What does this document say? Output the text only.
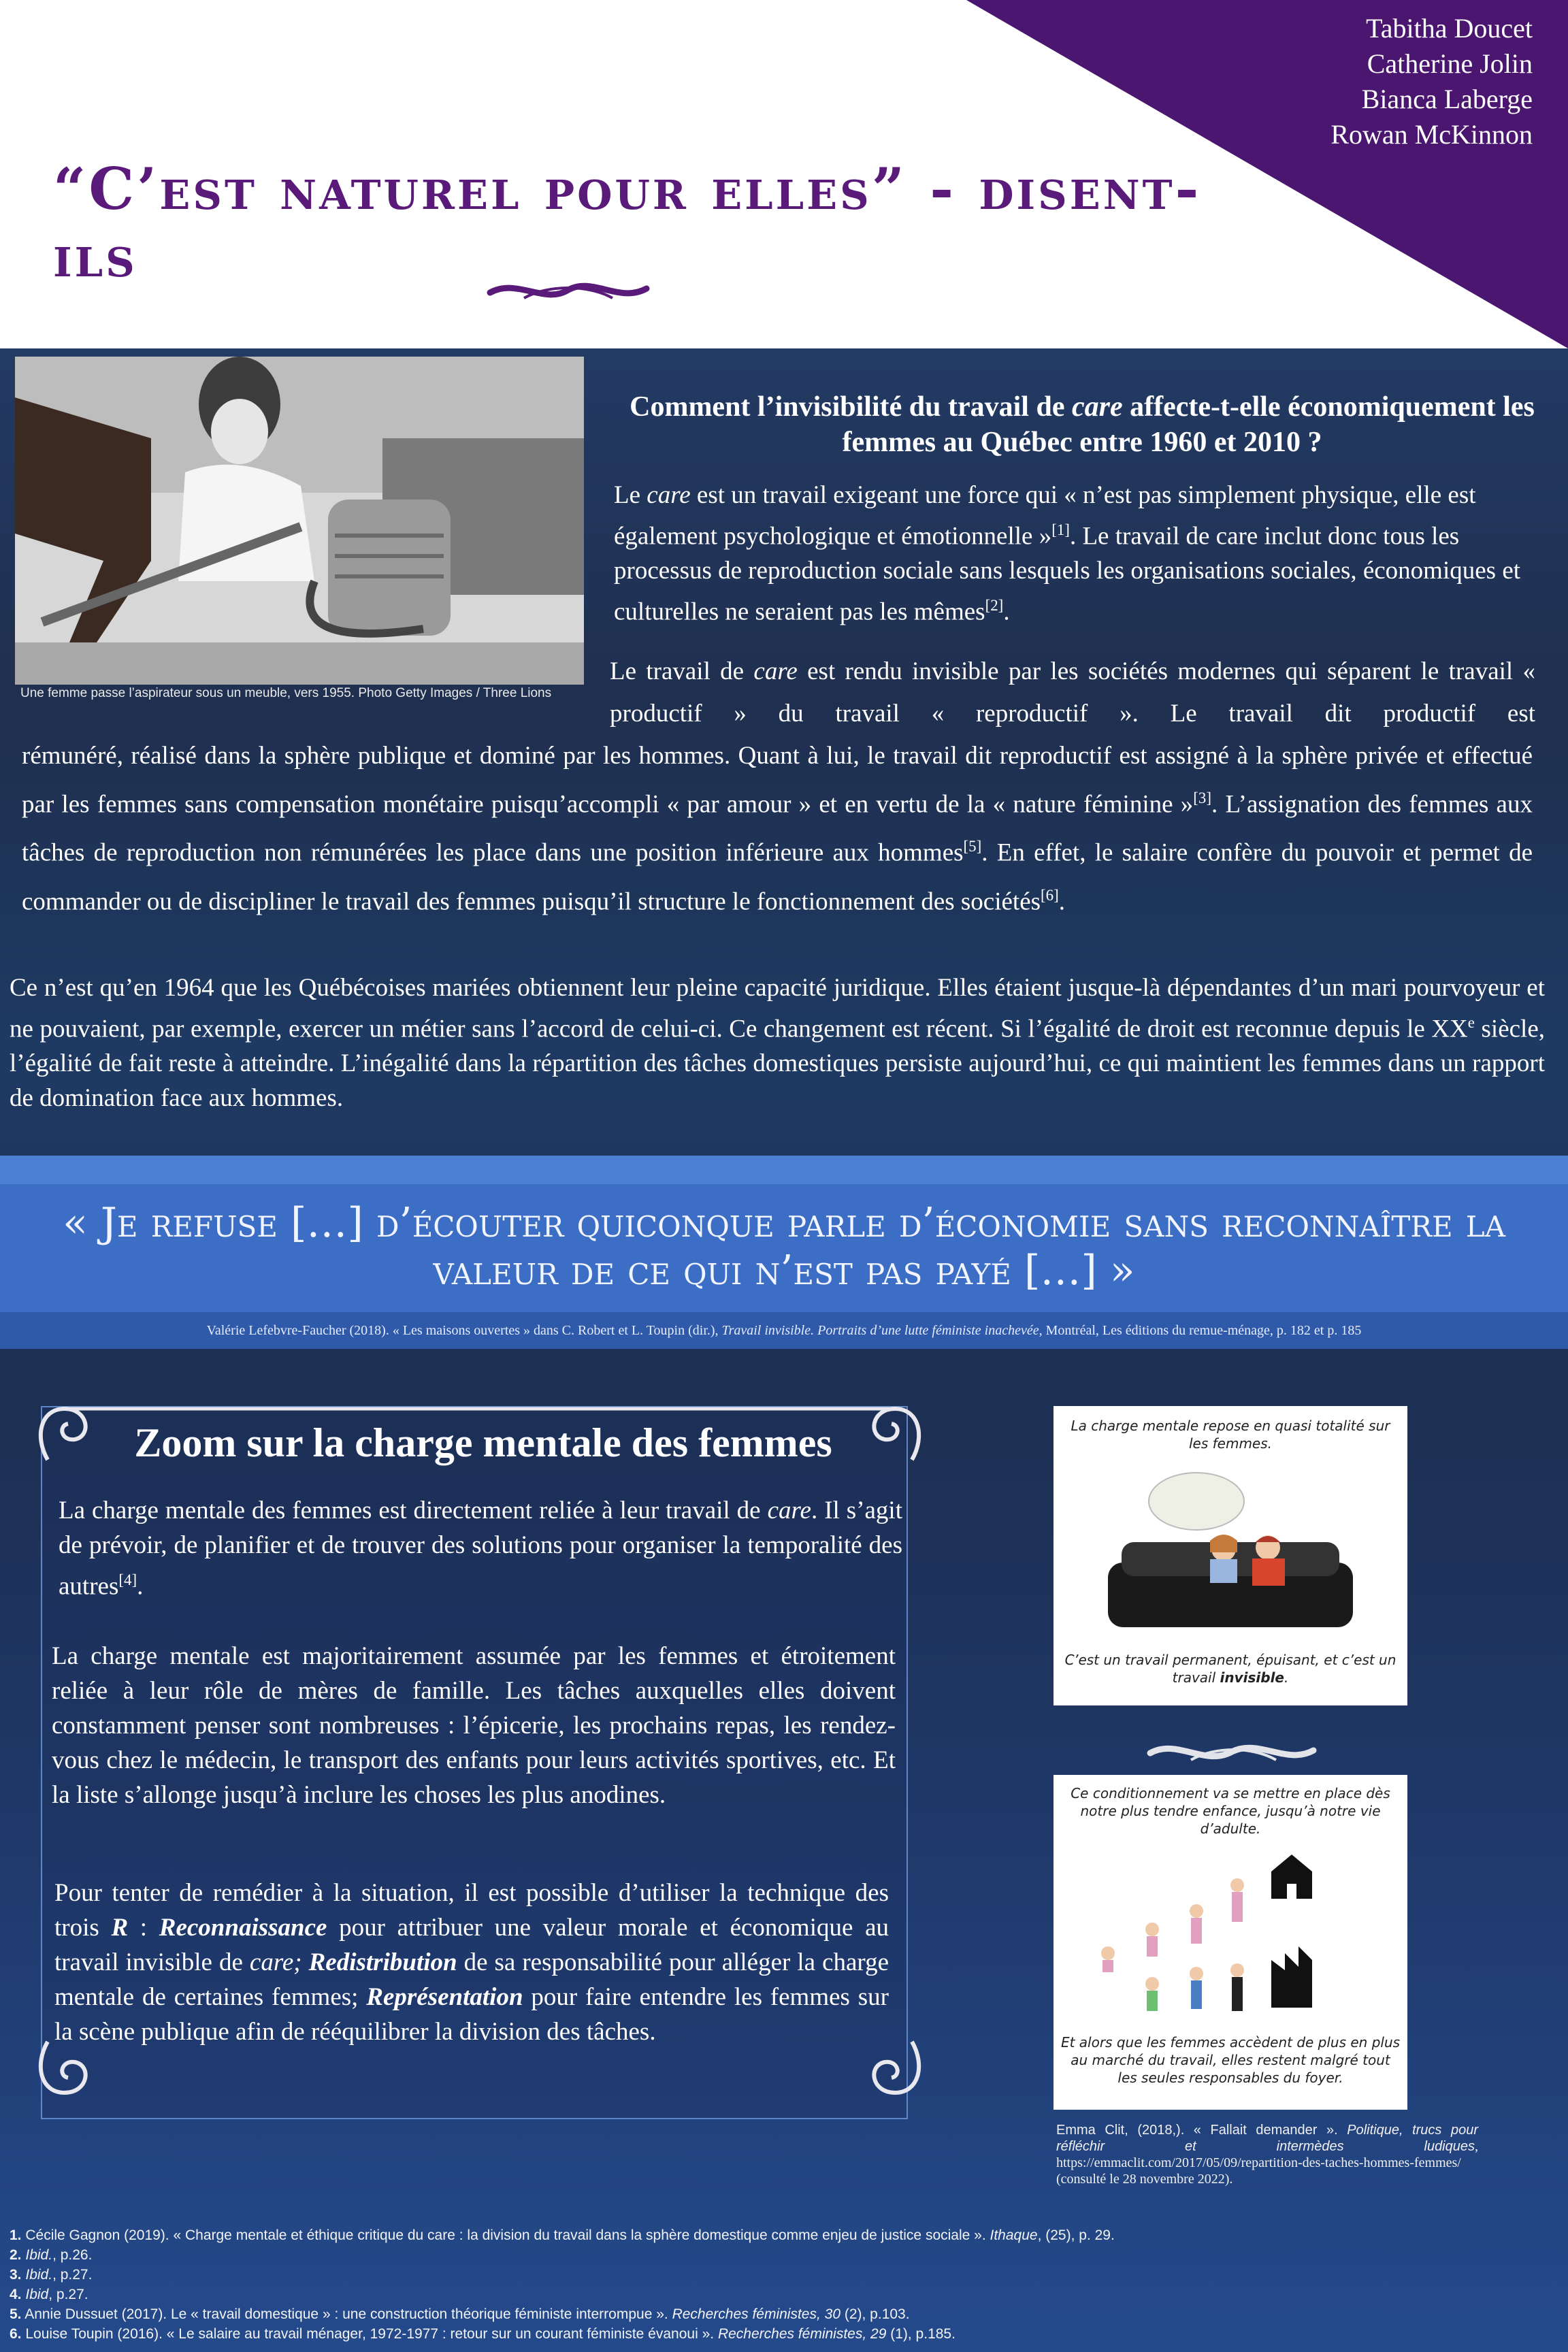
“C’est naturel pour elles” - disent-ils
Tabitha Doucet
Catherine Jolin
Bianca Laberge
Rowan McKinnon
Une femme passe l’aspirateur sous un meuble, vers 1955. Photo Getty Images / Three Lions
Comment l’invisibilité du travail de care affecte-t-elle économiquement les femmes au Québec entre 1960 et 2010 ?
Le care est un travail exigeant une force qui « n’est pas simplement physique, elle est également psychologique et émotionnelle »[1]. Le travail de care inclut donc tous les processus de reproduction sociale sans lesquels les organisations sociales, économiques et culturelles ne seraient pas les mêmes[2].
Le travail de care est rendu invisible par les sociétés modernes qui séparent le travail « productif » du travail « reproductif ». Le travail dit productif est
rémunéré, réalisé dans la sphère publique et dominé par les hommes. Quant à lui, le travail dit reproductif est assigné à la sphère privée et effectué par les femmes sans compensation monétaire puisqu’accompli « par amour » et en vertu de la « nature féminine »[3]. L’assignation des femmes aux tâches de reproduction non rémunérées les place dans une position inférieure aux hommes[5]. En effet, le salaire confère du pouvoir et permet de commander ou de discipliner le travail des femmes puisqu’il structure le fonctionnement des sociétés[6].
Ce n’est qu’en 1964 que les Québécoises mariées obtiennent leur pleine capacité juridique. Elles étaient jusque-là dépendantes d’un mari pourvoyeur et ne pouvaient, par exemple, exercer un métier sans l’accord de celui-ci. Ce changement est récent. Si l’égalité de droit est reconnue depuis le XXe siècle, l’égalité de fait reste à atteindre. L’inégalité dans la répartition des tâches domestiques persiste aujourd’hui, ce qui maintient les femmes dans un rapport de domination face aux hommes.
« Je refuse […] d’écouter quiconque parle d’économie sans reconnaître la valeur de ce qui n’est pas payé […] »
Valérie Lefebvre-Faucher (2018). « Les maisons ouvertes » dans C. Robert et L. Toupin (dir.), Travail invisible. Portraits d’une lutte féministe inachevée, Montréal, Les éditions du remue-ménage, p. 182 et p. 185
Zoom sur la charge mentale des femmes
La charge mentale des femmes est directement reliée à leur travail de care. Il s’agit de prévoir, de planifier et de trouver des solutions pour organiser la temporalité des autres[4].
La charge mentale est majoritairement assumée par les femmes et étroitement reliée à leur rôle de mères de famille. Les tâches auxquelles elles doivent constamment penser sont nombreuses : l’épicerie, les prochains repas, les rendez-vous chez le médecin, le transport des enfants pour leurs activités sportives, etc. Et la liste s’allonge jusqu’à inclure les choses les plus anodines.
Pour tenter de remédier à la situation, il est possible d’utiliser la technique des trois R : Reconnaissance pour attribuer une valeur morale et économique au travail invisible de care; Redistribution de sa responsabilité pour alléger la charge mentale de certaines femmes; Représentation pour faire entendre les femmes sur la scène publique afin de rééquilibrer la division des tâches.
La charge mentale repose en quasi totalité sur les femmes.
C’est un travail permanent, épuisant, et c’est un travail invisible.
Ce conditionnement va se mettre en place dès notre plus tendre enfance, jusqu’à notre vie d’adulte.
Et alors que les femmes accèdent de plus en plus au marché du travail, elles restent malgré tout les seules responsables du foyer.
Emma Clit, (2018,). « Fallait demander ». Politique, trucs pour réfléchir et intermèdes ludiques, https://emmaclit.com/2017/05/09/repartition-des-taches-hommes-femmes/ (consulté le 28 novembre 2022).
1. Cécile Gagnon (2019). « Charge mentale et éthique critique du care : la division du travail dans la sphère domestique comme enjeu de justice sociale ». Ithaque, (25), p. 29.
2. Ibid., p.26.
3. Ibid., p.27.
4. Ibid, p.27.
5. Annie Dussuet (2017). Le « travail domestique » : une construction théorique féministe interrompue ». Recherches féministes, 30 (2), p.103.
6. Louise Toupin (2016). « Le salaire au travail ménager, 1972-1977 : retour sur un courant féministe évanoui ». Recherches féministes, 29 (1), p.185.
